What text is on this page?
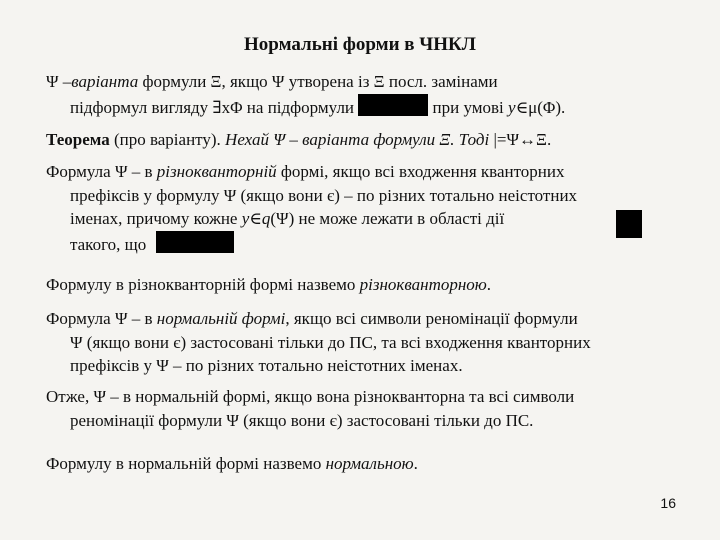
Нормальні форми в ЧНКЛ
Ψ –варіанта формули Ξ, якщо Ψ утворена із Ξ посл. замінами
підформул вигляду ∃xΦ на підформули	при умові y∈μ(Φ).
Теорема (про варіанту). Нехай Ψ – варіанта формули Ξ. Тоді |=Ψ↔Ξ.
Формула Ψ – в різнокванторній формі, якщо всі входження кванторних
префіксів у формулу Ψ (якщо вони є) – по різних тотально неістотних
іменах, причому кожне y∈q(Ψ) не може лежати в області дії
такого, що
Формулу в різнокванторній формі назвемо різнокванторною.
Формула Ψ – в нормальній формі, якщо всі символи реномінації формули
Ψ (якщо вони є) застосовані тільки до ПС, та всі входження кванторних
префіксів у Ψ – по різних тотально неістотних іменах.
Отже, Ψ – в нормальній формі, якщо вона різнокванторна та всі символи
реномінації формули Ψ (якщо вони є) застосовані тільки до ПС.
Формулу в нормальній формі назвемо нормальною.
16
